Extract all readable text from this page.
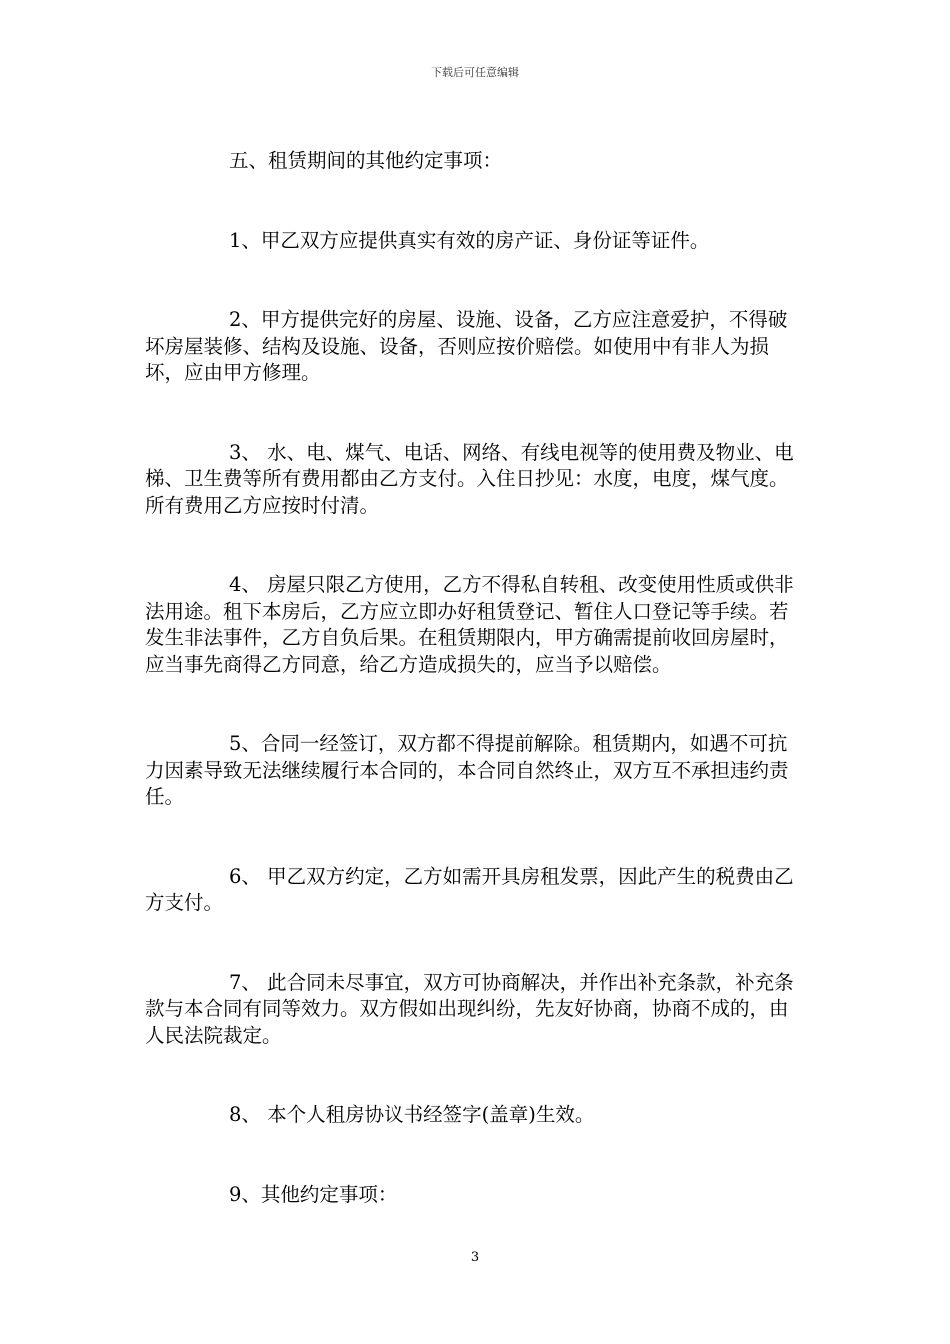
下载后可任意编辑

五、租赁期间的其他约定事项：

1、甲乙双方应提供真实有效的房产证、身份证等证件。

2、甲方提供完好的房屋、设施、设备，乙方应注意爱护，不得破坏房屋装修、结构及设施、设备，否则应按价赔偿。如使用中有非人为损坏，应由甲方修理。

3、 水、电、煤气、电话、网络、有线电视等的使用费及物业、电梯、卫生费等所有费用都由乙方支付。入住日抄见：水度，电度，煤气度。所有费用乙方应按时付清。

4、 房屋只限乙方使用，乙方不得私自转租、改变使用性质或供非法用途。租下本房后，乙方应立即办好租赁登记、暂住人口登记等手续。若发生非法事件，乙方自负后果。在租赁期限内，甲方确需提前收回房屋时，应当事先商得乙方同意，给乙方造成损失的，应当予以赔偿。

5、合同一经签订，双方都不得提前解除。租赁期内，如遇不可抗力因素导致无法继续履行本合同的，本合同自然终止，双方互不承担违约责任。

6、 甲乙双方约定，乙方如需开具房租发票，因此产生的税费由乙方支付。

7、 此合同未尽事宜，双方可协商解决，并作出补充条款，补充条款与本合同有同等效力。双方假如出现纠纷，先友好协商，协商不成的，由人民法院裁定。

8、 本个人租房协议书经签字(盖章)生效。

9、其他约定事项：

3
